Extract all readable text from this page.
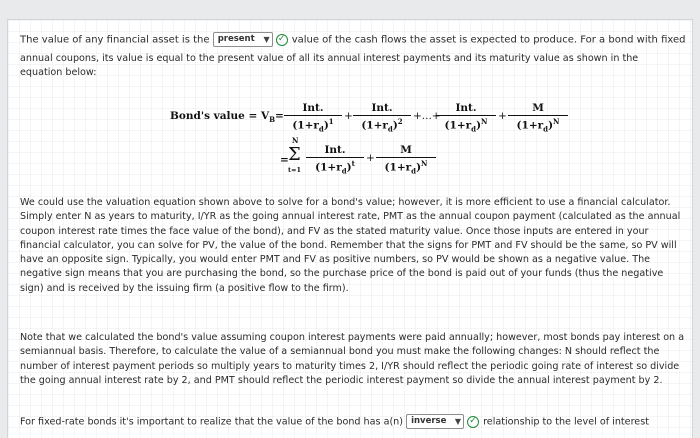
The value of any financial asset is the present ▼ ✓ value of the cash flows the asset is expected to produce. For a bond with fixed
annual coupons, its value is equal to the present value of all its annual interest payments and its maturity value as shown in the
equation below:
Bond's value = $V_B=$
Int.
$(1+r_d)^1$ +
Int.
$(1+r_d)^2$ +...+
Int.
$(1+r_d)^N$	+
M
$(1+r_d)^N$
=
N
Σ
t=1
Int.
$(1+r_d)^t$	+
M
$(1+r_d)^N$
We could use the valuation equation shown above to solve for a bond's value; however, it is more efficient to use a financial calculator.
Simply enter N as years to maturity, I/YR as the going annual interest rate, PMT as the annual coupon payment (calculated as the annual
coupon interest rate times the face value of the bond), and FV as the stated maturity value. Once those inputs are entered in your
financial calculator, you can solve for PV, the value of the bond. Remember that the signs for PMT and FV should be the same, so PV will
have an opposite sign. Typically, you would enter PMT and FV as positive numbers, so PV would be shown as a negative value. The
negative sign means that you are purchasing the bond, so the purchase price of the bond is paid out of your funds (thus the negative
sign) and is received by the issuing firm (a positive flow to the firm).
Note that we calculated the bond's value assuming coupon interest payments were paid annually; however, most bonds pay interest on a
semiannual basis. Therefore, to calculate the value of a semiannual bond you must make the following changes: N should reflect the
number of interest payment periods so multiply years to maturity times 2, I/YR should reflect the periodic going rate of interest so divide
the going annual interest rate by 2, and PMT should reflect the periodic interest payment so divide the annual interest payment by 2.
For fixed-rate bonds it's important to realize that the value of the bond has a(n) inverse ▼ ✓ relationship to the level of interest
